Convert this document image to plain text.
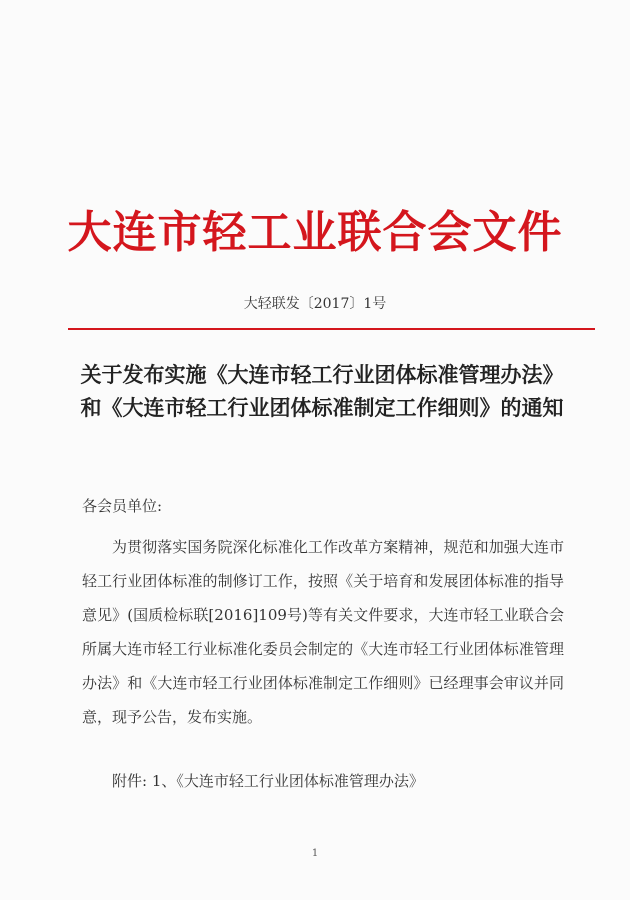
大连市轻工业联合会文件
大轻联发〔2017〕1号
关于发布实施《大连市轻工行业团体标准管理办法》和《大连市轻工行业团体标准制定工作细则》的通知
各会员单位:

为贯彻落实国务院深化标准化工作改革方案精神，规范和加强大连市轻工行业团体标准的制修订工作，按照《关于培育和发展团体标准的指导意见》(国质检标联[2016]109号)等有关文件要求，大连市轻工业联合会所属大连市轻工行业标准化委员会制定的《大连市轻工行业团体标准管理办法》和《大连市轻工行业团体标准制定工作细则》已经理事会审议并同意，现予公告，发布实施。

附件: 1、《大连市轻工行业团体标准管理办法》
1
